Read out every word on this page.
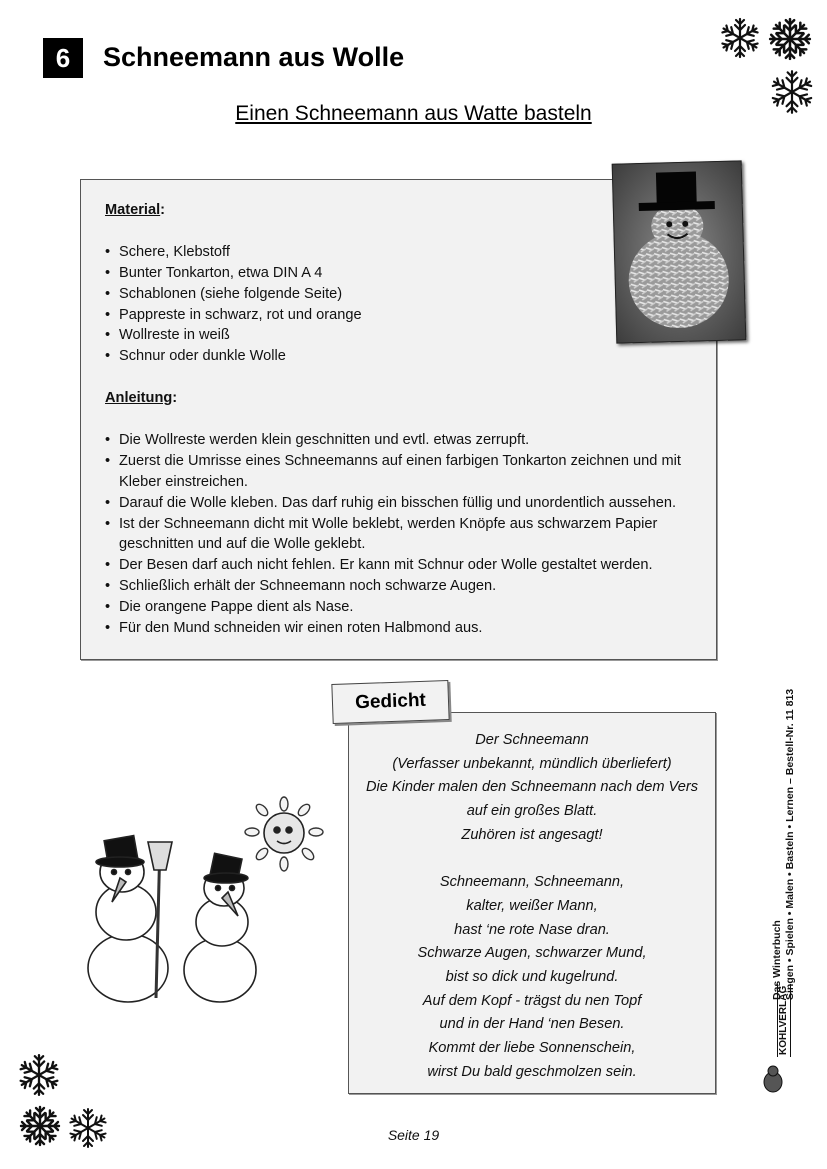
6	Schneemann aus Wolle
Einen Schneemann aus Watte basteln
Material:
• Schere, Klebstoff
• Bunter Tonkarton, etwa DIN A 4
• Schablonen (siehe folgende Seite)
• Pappreste in schwarz, rot und orange
• Wollreste in weiß
• Schnur oder dunkle Wolle
Anleitung:
• Die Wollreste werden klein geschnitten und evtl. etwas zerrupft.
• Zuerst die Umrisse eines Schneemanns auf einen farbigen Tonkarton zeichnen und mit Kleber einstreichen.
• Darauf die Wolle kleben. Das darf ruhig ein bisschen füllig und unordentlich aussehen.
• Ist der Schneemann dicht mit Wolle beklebt, werden Knöpfe aus schwarzem Papier geschnitten und auf die Wolle geklebt.
• Der Besen darf auch nicht fehlen. Er kann mit Schnur oder Wolle gestaltet werden.
• Schließlich erhält der Schneemann noch schwarze Augen.
• Die orangene Pappe dient als Nase.
• Für den Mund schneiden wir einen roten Halbmond aus.
Gedicht
Der Schneemann
(Verfasser unbekannt, mündlich überliefert)
Die Kinder malen den Schneemann nach dem Vers
auf ein großes Blatt.
Zuhören ist angesagt!
Schneemann, Schneemann,
kalter, weißer Mann,
hast ‘ne rote Nase dran.
Schwarze Augen, schwarzer Mund,
bist so dick und kugelrund.
Auf dem Kopf - trägst du nen Topf
und in der Hand ‘nen Besen.
Kommt der liebe Sonnenschein,
wirst Du bald geschmolzen sein.
Das Winterbuch Singen • Spielen • Malen • Basteln • Lernen – Bestell-Nr. 11 813
KOHLVERLAG
Seite 19
